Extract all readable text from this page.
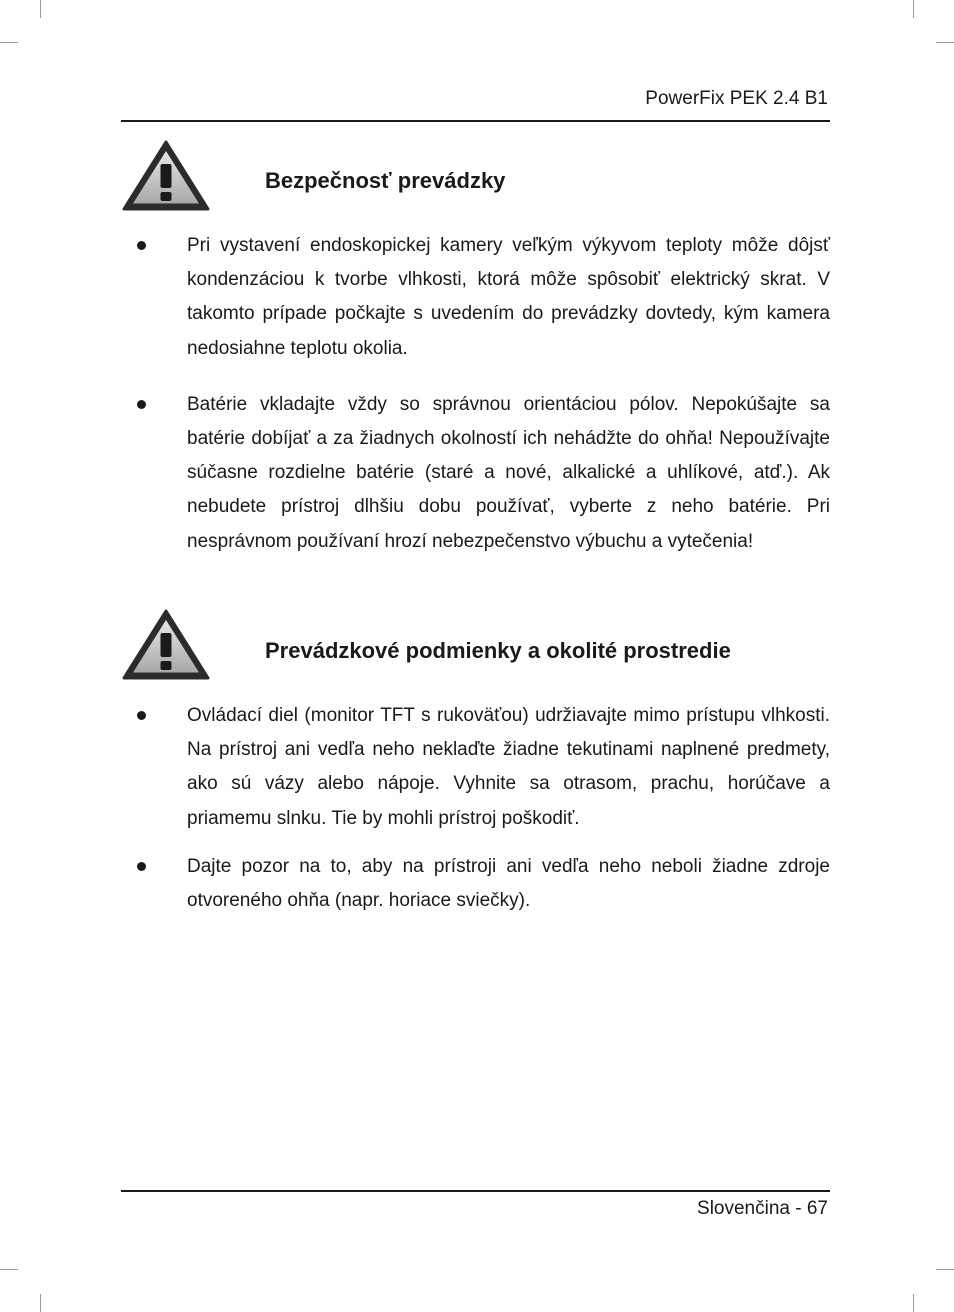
PowerFix PEK 2.4 B1
Bezpečnosť prevádzky
Pri vystavení endoskopickej kamery veľkým výkyvom teploty môže dôjsť kondenzáciou k tvorbe vlhkosti, ktorá môže spôsobiť elektrický skrat. V takomto prípade počkajte s uvedením do prevádzky dovtedy, kým kamera nedosiahne teplotu okolia.
Batérie vkladajte vždy so správnou orientáciou pólov. Nepokúšajte sa batérie dobíjať a za žiadnych okolností ich nehádžte do ohňa! Nepoužívajte súčasne rozdielne batérie (staré a nové, alkalické a uhlíkové, atď.). Ak nebudete prístroj dlhšiu dobu používať, vyberte z neho batérie. Pri nesprávnom používaní hrozí nebezpečenstvo výbuchu a vytečenia!
Prevádzkové podmienky a okolité prostredie
Ovládací diel (monitor TFT s rukoväťou) udržiavajte mimo prístupu vlhkosti. Na prístroj ani vedľa neho neklaďte žiadne tekutinami naplnené predmety, ako sú vázy alebo nápoje. Vyhnite sa otrasom, prachu, horúčave a priamemu slnku. Tie by mohli prístroj poškodiť.
Dajte pozor na to, aby na prístroji ani vedľa neho neboli žiadne zdroje otvoreného ohňa (napr. horiace sviečky).
Slovenčina - 67
